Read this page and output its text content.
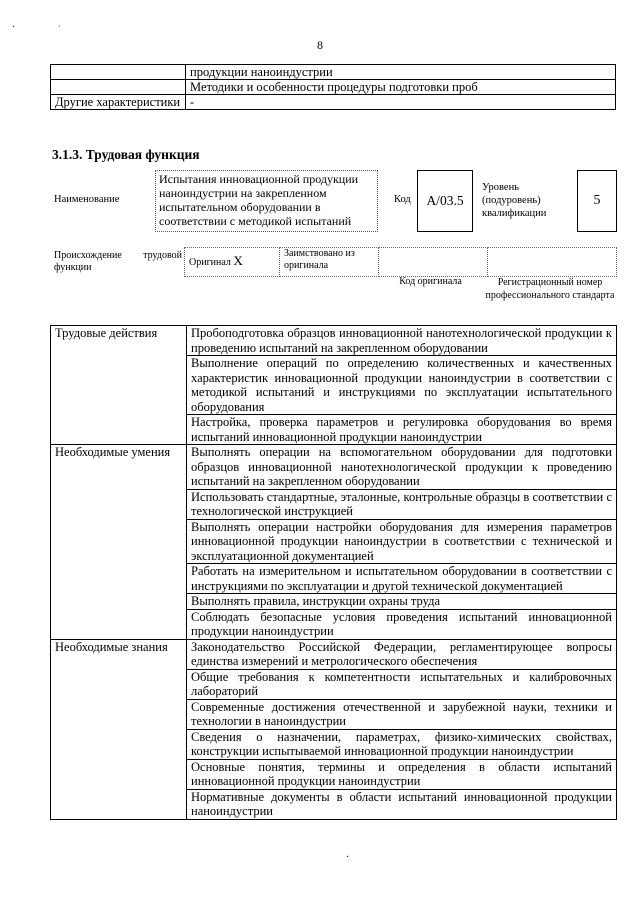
·	·
8
	продукции наноиндустрии
	Методики и особенности процедуры подготовки проб
Другие характеристики	-
3.1.3. Трудовая функция
Наименование
Испытания инновационной продукции наноиндустрии на закрепленном испытательном оборудовании в соответствии с методикой испытаний
Код	A/03.5
Уровень (подуровень) квалификации
5
Происхождение трудовой функции	Оригинал X	Заимствовано из оригинала		
Код оригинала	Регистрационный номер профессионального стандарта
Трудовые действия	Пробоподготовка образцов инновационной нанотехнологической продукции к проведению испытаний на закрепленном оборудовании
	Выполнение операций по определению количественных и качественных характеристик инновационной продукции наноиндустрии в соответствии с методикой испытаний и инструкциями по эксплуатации испытательного оборудования
	Настройка, проверка параметров и регулировка оборудования во время испытаний инновационной продукции наноиндустрии
Необходимые умения	Выполнять операции на вспомогательном оборудовании для подготовки образцов инновационной нанотехнологической продукции к проведению испытаний на закрепленном оборудовании
	Использовать стандартные, эталонные, контрольные образцы в соответствии с технологической инструкцией
	Выполнять операции настройки оборудования для измерения параметров инновационной продукции наноиндустрии в соответствии с технической и эксплуатационной документацией
	Работать на измерительном и испытательном оборудовании в соответствии с инструкциями по эксплуатации и другой технической документацией
	Выполнять правила, инструкции охраны труда
	Соблюдать безопасные условия проведения испытаний инновационной продукции наноиндустрии
Необходимые знания	Законодательство Российской Федерации, регламентирующее вопросы единства измерений и метрологического обеспечения
	Общие требования к компетентности испытательных и калибровочных лабораторий
	Современные достижения отечественной и зарубежной науки, техники и технологии в наноиндустрии
	Сведения о назначении, параметрах, физико-химических свойствах, конструкции испытываемой инновационной продукции наноиндустрии
	Основные понятия, термины и определения в области испытаний инновационной продукции наноиндустрии
	Нормативные документы в области испытаний инновационной продукции наноиндустрии
·
